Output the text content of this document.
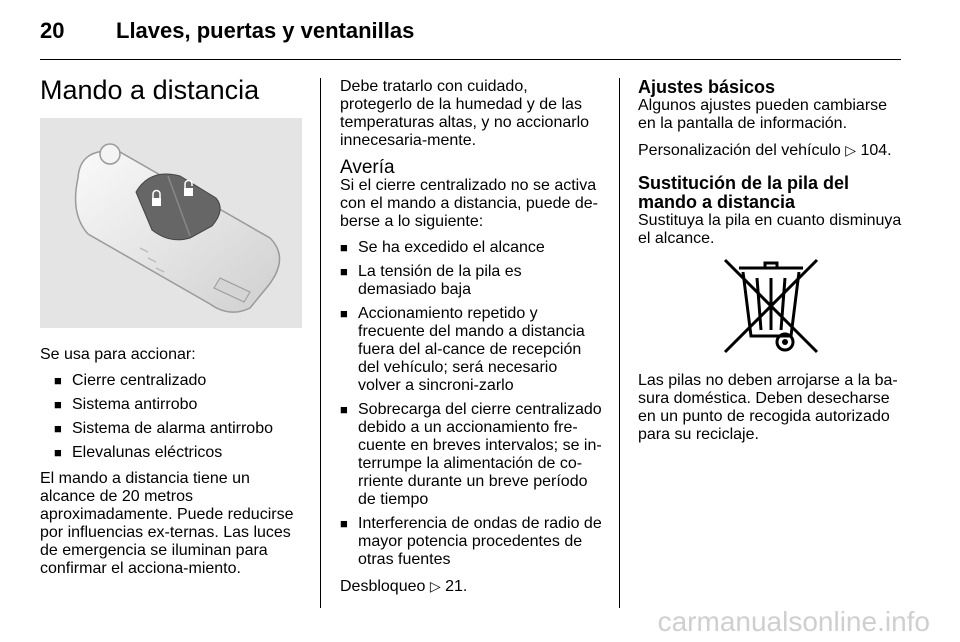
20 Llaves, puertas y ventanillas
Mando a distancia

Se usa para accionar:

■ Cierre centralizado
■ Sistema antirrobo
■ Sistema de alarma antirrobo
■ Elevalunas eléctricos

El mando a distancia tiene un alcance de 20 metros aproximadamente. Puede reducirse por influencias ex-ternas. Las luces de emergencia se iluminan para confirmar el acciona-miento.

Debe tratarlo con cuidado, protegerlo de la humedad y de las temperaturas altas, y no accionarlo innecesaria-mente.

Avería

Si el cierre centralizado no se activa con el mando a distancia, puede de-berse a lo siguiente:

■ Se ha excedido el alcance
■ La tensión de la pila es demasiado baja
■ Accionamiento repetido y frecuente del mando a distancia fuera del al-cance de recepción del vehículo; será necesario volver a sincroni-zarlo
■ Sobrecarga del cierre centralizado debido a un accionamiento fre-cuente en breves intervalos; se in-terrumpe la alimentación de co-rriente durante un breve período de tiempo
■ Interferencia de ondas de radio de mayor potencia procedentes de otras fuentes

Desbloqueo ▷ 21.

Ajustes básicos

Algunos ajustes pueden cambiarse en la pantalla de información.

Personalización del vehículo ▷ 104.

Sustitución de la pila del mando a distancia

Sustituya la pila en cuanto disminuya el alcance.

Las pilas no deben arrojarse a la ba-sura doméstica. Deben desecharse en un punto de recogida autorizado para su reciclaje.

carmanualsonline.info
